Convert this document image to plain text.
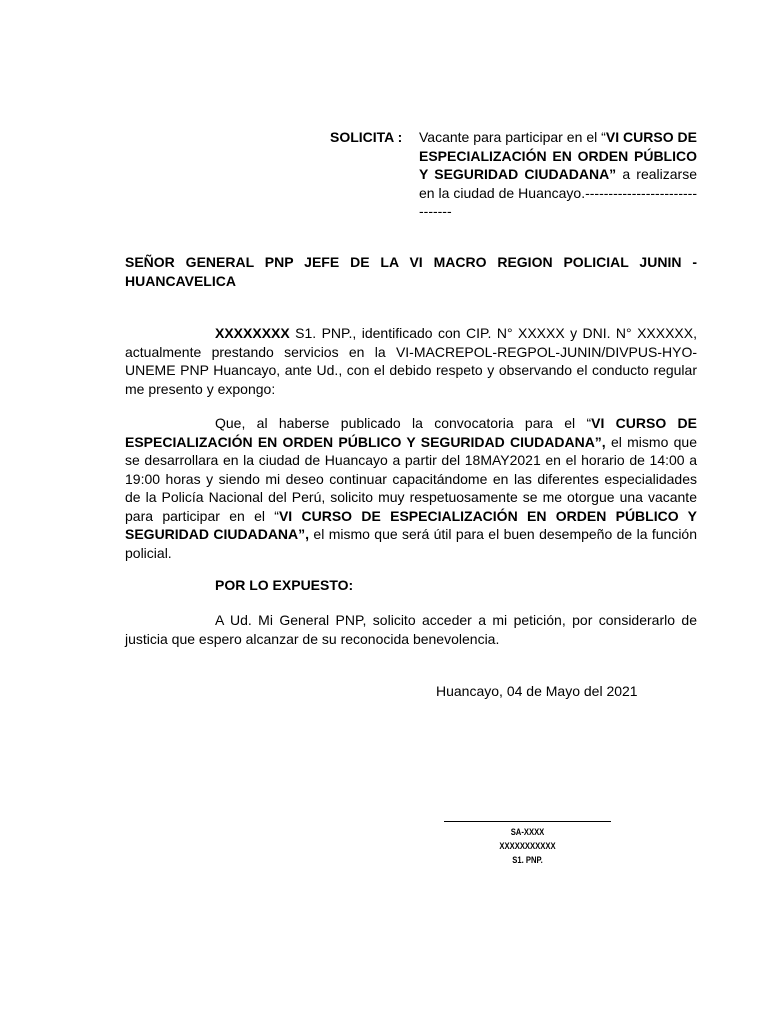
SOLICITA : Vacante para participar en el “VI CURSO DE ESPECIALIZACIÓN EN ORDEN PÚBLICO Y SEGURIDAD CIUDADANA” a realizarse en la ciudad de Huancayo.-------------------------------
SEÑOR GENERAL PNP JEFE DE LA VI MACRO REGION POLICIAL JUNIN - HUANCAVELICA
XXXXXXXX S1. PNP., identificado con CIP. N° XXXXX y DNI. N° XXXXXX, actualmente prestando servicios en la VI-MACREPOL-REGPOL-JUNIN/DIVPUS-HYO-UNEME PNP Huancayo, ante Ud., con el debido respeto y observando el conducto regular me presento y expongo:
Que, al haberse publicado la convocatoria para el “VI CURSO DE ESPECIALIZACIÓN EN ORDEN PÚBLICO Y SEGURIDAD CIUDADANA”, el mismo que se desarrollara en la ciudad de Huancayo a partir del 18MAY2021 en el horario de 14:00 a 19:00 horas y siendo mi deseo continuar capacitándome en las diferentes especialidades de la Policía Nacional del Perú, solicito muy respetuosamente se me otorgue una vacante para participar en el “VI CURSO DE ESPECIALIZACIÓN EN ORDEN PÚBLICO Y SEGURIDAD CIUDADANA”, el mismo que será útil para el buen desempeño de la función policial.
POR LO EXPUESTO:
A Ud. Mi General PNP, solicito acceder a mi petición, por considerarlo de justicia que espero alcanzar de su reconocida benevolencia.
Huancayo, 04 de Mayo del 2021
SA-XXXX
XXXXXXXXXXX
S1. PNP.
